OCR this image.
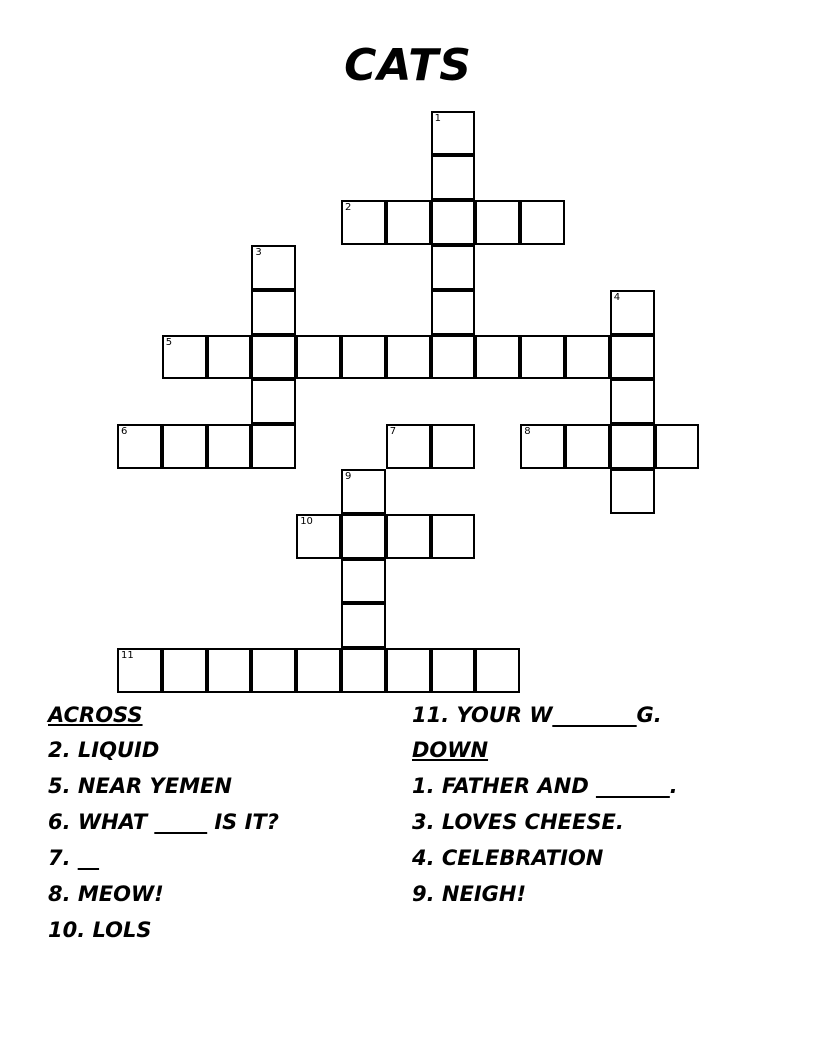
CATS
1
2
3
4
5
6	7	8
9
10
11
ACROSS
2. LIQUID
5. NEAR YEMEN
6. WHAT _____ IS IT?
7. __
8. MEOW!
10. LOLS
11. YOUR W________G.
DOWN
1. FATHER AND _______.
3. LOVES CHEESE.
4. CELEBRATION
9. NEIGH!
